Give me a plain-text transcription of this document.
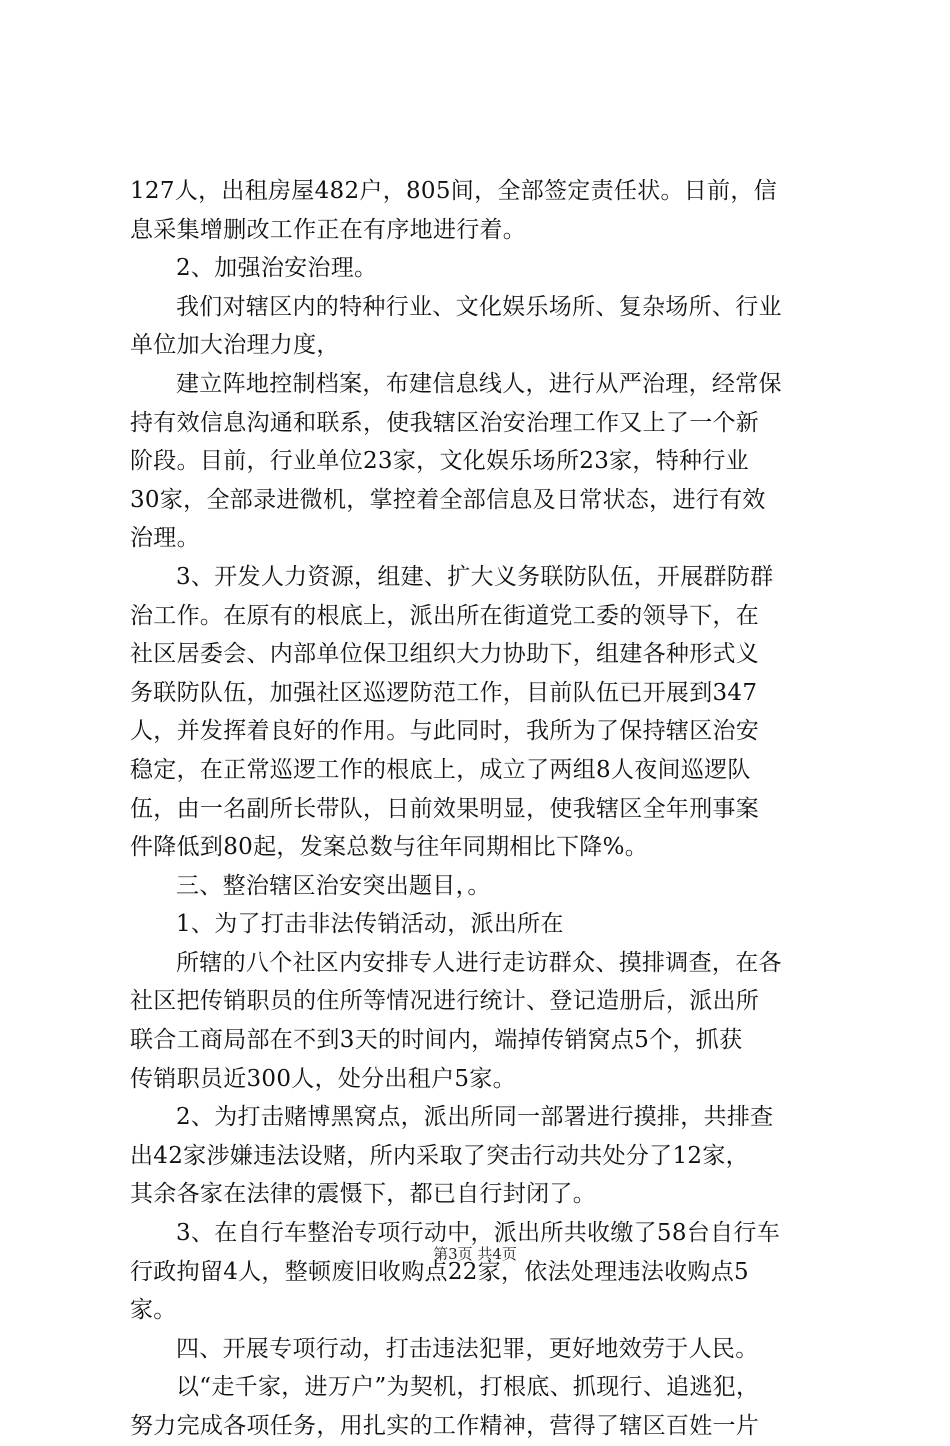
127人，出租房屋482户，805间，全部签定责任状。日前，信
息采集增删改工作正在有序地进行着。
2、加强治安治理。
我们对辖区内的特种行业、文化娱乐场所、复杂场所、行业
单位加大治理力度，
建立阵地控制档案，布建信息线人，进行从严治理，经常保
持有效信息沟通和联系，使我辖区治安治理工作又上了一个新
阶段。目前，行业单位23家，文化娱乐场所23家，特种行业
30家，全部录进微机，掌控着全部信息及日常状态，进行有效
治理。
3、开发人力资源，组建、扩大义务联防队伍，开展群防群
治工作。在原有的根底上，派出所在街道党工委的领导下，在
社区居委会、内部单位保卫组织大力协助下，组建各种形式义
务联防队伍，加强社区巡逻防范工作，目前队伍已开展到347
人，并发挥着良好的作用。与此同时，我所为了保持辖区治安
稳定，在正常巡逻工作的根底上，成立了两组8人夜间巡逻队
伍，由一名副所长带队，日前效果明显，使我辖区全年刑事案
件降低到80起，发案总数与往年同期相比下降%。
三、整治辖区治安突出题目，。
1、为了打击非法传销活动，派出所在
所辖的八个社区内安排专人进行走访群众、摸排调查，在各
社区把传销职员的住所等情况进行统计、登记造册后，派出所
联合工商局部在不到3天的时间内，端掉传销窝点5个，抓获
传销职员近300人，处分出租户5家。
2、为打击赌博黑窝点，派出所同一部署进行摸排，共排查
出42家涉嫌违法设赌，所内采取了突击行动共处分了12家，
其余各家在法律的震慑下，都已自行封闭了。
3、在自行车整治专项行动中，派出所共收缴了58台自行车
行政拘留4人，整顿废旧收购点22家，依法处理违法收购点5
家。
四、开展专项行动，打击违法犯罪，更好地效劳于人民。
以“走千家，进万户”为契机，打根底、抓现行、追逃犯，
努力完成各项任务，用扎实的工作精神，营得了辖区百姓一片
第3页 共4页
